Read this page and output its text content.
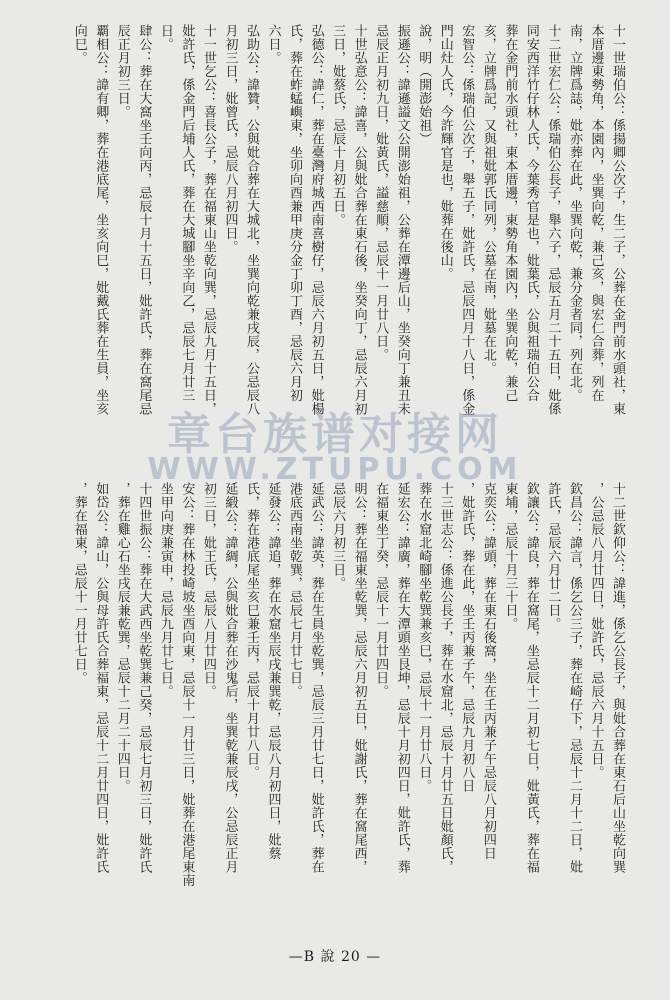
十一世瑞伯公：係揚卿公次子，生二子，公葬在金門前水頭社，東
本厝邊東勢角，本園內，坐巽向乾，兼己亥，與宏仁合葬，列在
南，立牌爲誌，妣亦葬在此，坐巽向乾，兼分金者同，列在北。
十二世宏仁公：係瑞伯公長子，舉六子，忌辰五月二十五日，妣係
同安西洋竹仔林人氏，今葉秀官是也，妣葉氏，公與祖瑞伯公合
葬在金門前水頭社，東本厝邊，東勢角本園內，坐巽向乾，兼己
亥，立牌爲記，又與祖妣郭氏同列，公墓在南，妣墓在北。
宏智公：係瑞伯公次子，舉五子，妣許氏，忌辰四月十八日，係金
門山灶人氏，今許輝官是也，妣葬在後山。
說，明（開澎始祖）
振遜公：諱遜謚文公開澎始祖，公葬在潭邊后山，坐癸向丁兼丑未
忌辰正月初九日，妣黃氏，謚慈順，忌辰十一月廿八日。
十世弘意公：諱喜，公與妣合葬在東石後，坐癸向丁，忌辰六月初
三日，妣蔡氏，忌辰十月初五日。
弘德公：諱仁，葬在臺灣府城西南喜樹仔，忌辰六月初五日，妣楊
氏，葬在蚱蜢嶼東，坐卯向酉兼甲庚分金丁卯丁酉，忌辰六月初
六日。
弘助公：諱贊，公與妣合葬在大城北，坐巽向乾兼戌辰，公忌辰八
月初三日，妣曾氏，忌辰八月初四日。
十一世乞公：喜長公子，葬在福東山坐乾向巽，忌辰九月十五日，
妣許氏，係金門后埔人氏，葬在大城腳坐辛向乙，忌辰七月廿三
日。
肆公：葬在大窩坐壬向丙，忌辰十月十五日，妣許氏，葬在窩尾忌
辰正月初三日。
覇相公：諱有卿，葬在港底尾，坐亥向巳，妣戴氏葬在生員，坐亥
向巳。
十二世欽仰公：諱進，係乞公長子，與妣合葬在東石后山坐乾向巽
，公忌辰八月廿四日，妣許氏，忌辰六月十五日。
欽昌公：諱言，係乞公三子，葬在崎仔下，忌辰十二月十二日，妣
許氏，忌辰六月廿二日。
欽讓公：諱良，葬在窩尾，坐忌辰十二月初七日，妣黃氏，葬在福
東埔，忌辰十月三十日。
克奕公：諱頭，葬在東石後窩，坐在壬丙兼子午忌辰八月初四日
，妣許氏，葬在此，坐壬丙兼子午，忌辰九月初八日
十三世志公：係進公長子，葬在水窟北，忌辰十月廿五日妣顏氏，
葬在水窟北崎腳坐乾巽兼亥巳，忌辰十一月廿八日。
延宏公：諱廣，葬在大潭頭坐艮坤，忌辰十月初四日，妣許氏，葬
在福東坐丁癸，忌辰十一月廿四日。
明公：葬在福東坐乾巽，忌辰六月初五日，妣謝氏，葬在窩尾西，
忌辰六月初三日。
延武公：諱英，葬在生員坐乾巽，忌辰三月廿七日，妣許氏，葬在
港底西南坐乾巽，忌辰七月廿七日。
延發公：諱追，葬在水窟坐辰戌兼巽乾，忌辰八月初四日，妣蔡
氏，葬在港底尾坐亥巳兼壬丙，忌辰十月廿八日。
延緞公：諱綢，公與妣合葬在沙鬼后，坐巽乾兼辰戌，公忌辰正月
初三日，妣王氏，忌辰八月廿四日。
安公：葬在林投崎坡坐酉向東，忌辰十一月廿三日，妣葬在港尾東南
坐甲向庚兼寅申，忌辰九月廿七日。
十四世振公：葬在大武西坐乾巽兼己癸，忌辰七月初三日，妣許氏
，葬在雞心石坐戌辰兼乾巽，忌辰十二月二十四日。
如岱公：諱山，公與母許氏合葬福東，忌辰十二月廿四日，妣許氏
，葬在福東，忌辰十一月廿七日。
章台族谱对接网
WWW.ZTUPU.COM
—B 說 20 —
